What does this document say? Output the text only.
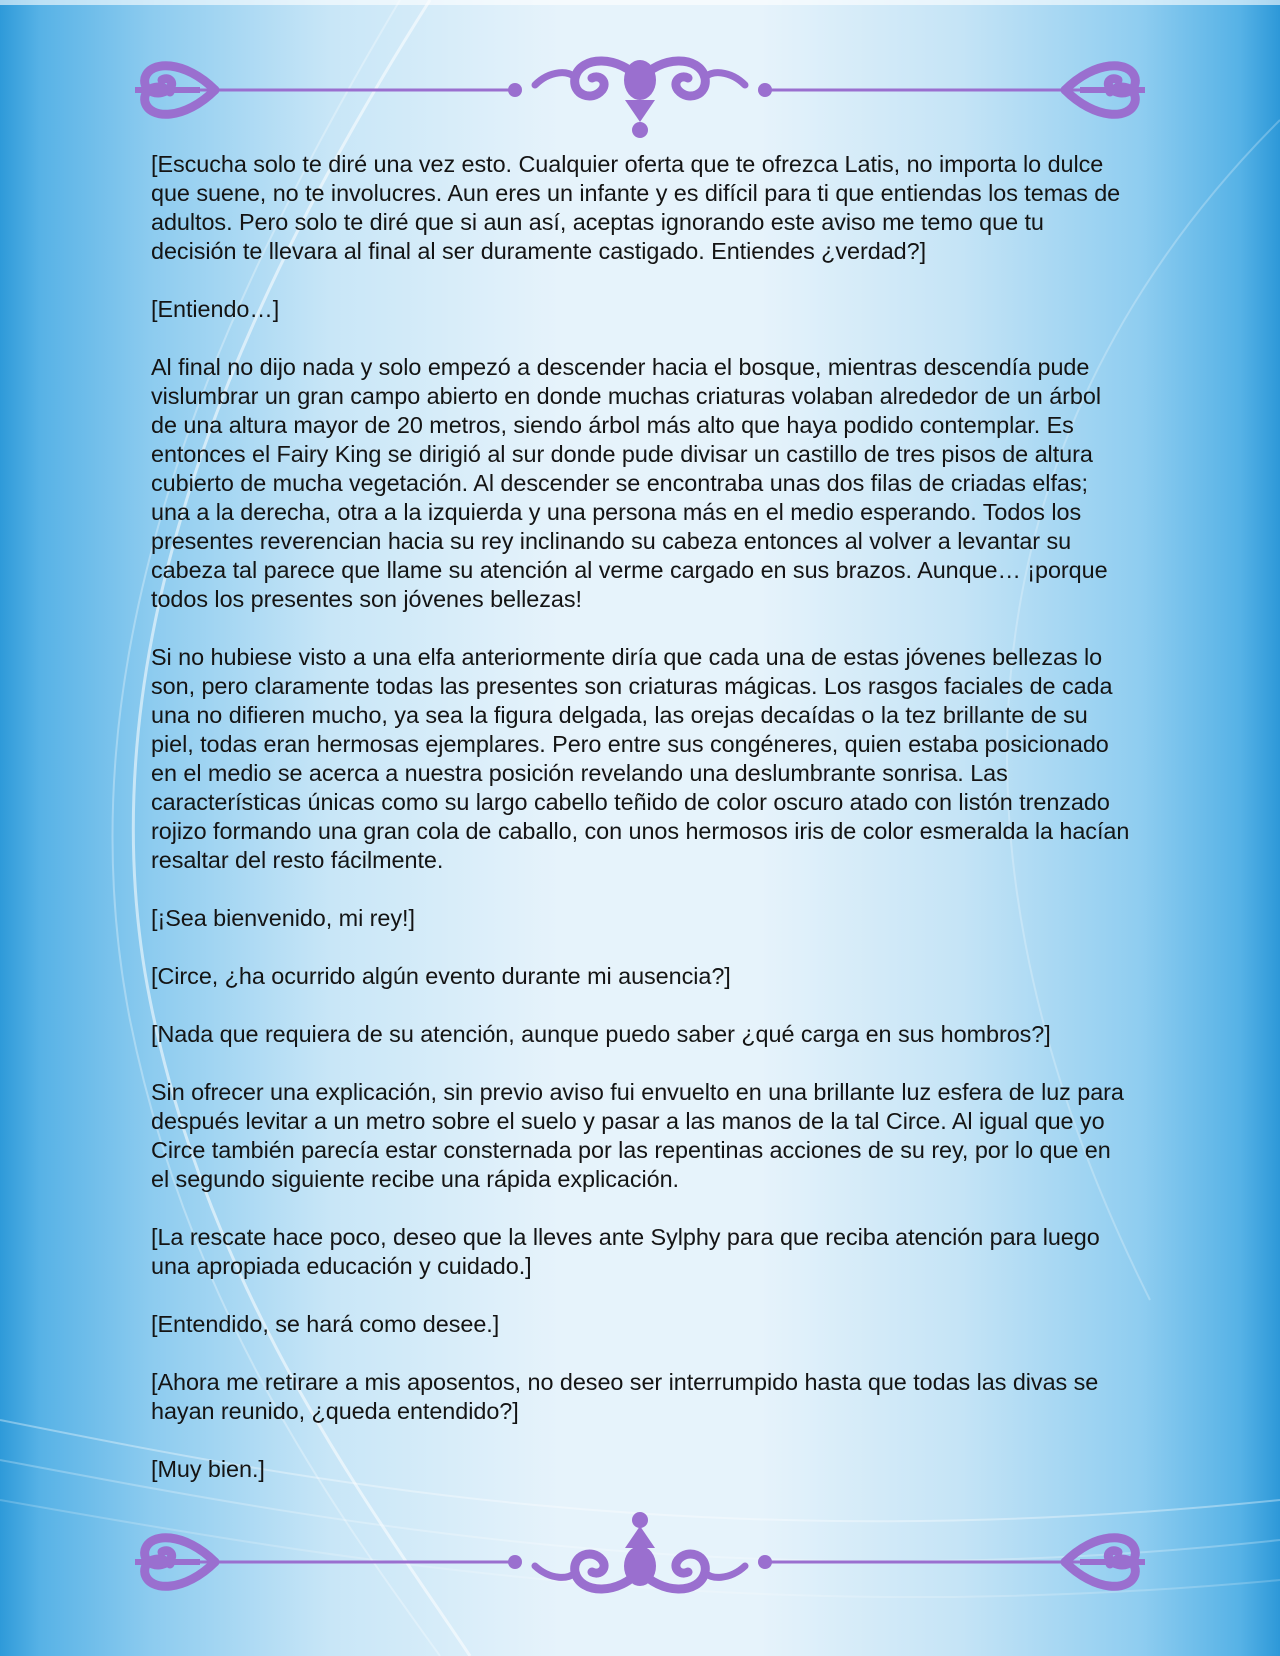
[Escucha solo te diré una vez esto. Cualquier oferta que te ofrezca Latis, no importa lo dulce que suene, no te involucres. Aun eres un infante y es difícil para ti que entiendas los temas de adultos. Pero solo te diré que si aun así, aceptas ignorando este aviso me temo que tu decisión te llevara al final al ser duramente castigado. Entiendes ¿verdad?]

[Entiendo…]

Al final no dijo nada y solo empezó a descender hacia el bosque, mientras descendía pude vislumbrar un gran campo abierto en donde muchas criaturas volaban alrededor de un árbol de una altura mayor de 20 metros, siendo árbol más alto que haya podido contemplar. Es entonces el Fairy King se dirigió al sur donde pude divisar un castillo de tres pisos de altura cubierto de mucha vegetación. Al descender se encontraba unas dos filas de criadas elfas; una a la derecha, otra a la izquierda y una persona más en el medio esperando. Todos los presentes reverencian hacia su rey inclinando su cabeza entonces al volver a levantar su cabeza tal parece que llame su atención al verme cargado en sus brazos. Aunque… ¡porque todos los presentes son jóvenes bellezas!

Si no hubiese visto a una elfa anteriormente diría que cada una de estas jóvenes bellezas lo son, pero claramente todas las presentes son criaturas mágicas. Los rasgos faciales de cada una no difieren mucho, ya sea la figura delgada, las orejas decaídas o la tez brillante de su piel, todas eran hermosas ejemplares. Pero entre sus congéneres, quien estaba posicionado en el medio se acerca a nuestra posición revelando una deslumbrante sonrisa. Las características únicas como su largo cabello teñido de color oscuro atado con listón trenzado rojizo formando una gran cola de caballo, con unos hermosos iris de color esmeralda la hacían resaltar del resto fácilmente.

[¡Sea bienvenido, mi rey!]

[Circe, ¿ha ocurrido algún evento durante mi ausencia?]

[Nada que requiera de su atención, aunque puedo saber ¿qué carga en sus hombros?]

Sin ofrecer una explicación, sin previo aviso fui envuelto en una brillante luz esfera de luz para después levitar a un metro sobre el suelo y pasar a las manos de la tal Circe. Al igual que yo Circe también parecía estar consternada por las repentinas acciones de su rey, por lo que en el segundo siguiente recibe una rápida explicación.

[La rescate hace poco, deseo que la lleves ante Sylphy para que reciba atención para luego una apropiada educación y cuidado.]

[Entendido, se hará como desee.]

[Ahora me retirare a mis aposentos, no deseo ser interrumpido hasta que todas las divas se hayan reunido, ¿queda entendido?]

[Muy bien.]
